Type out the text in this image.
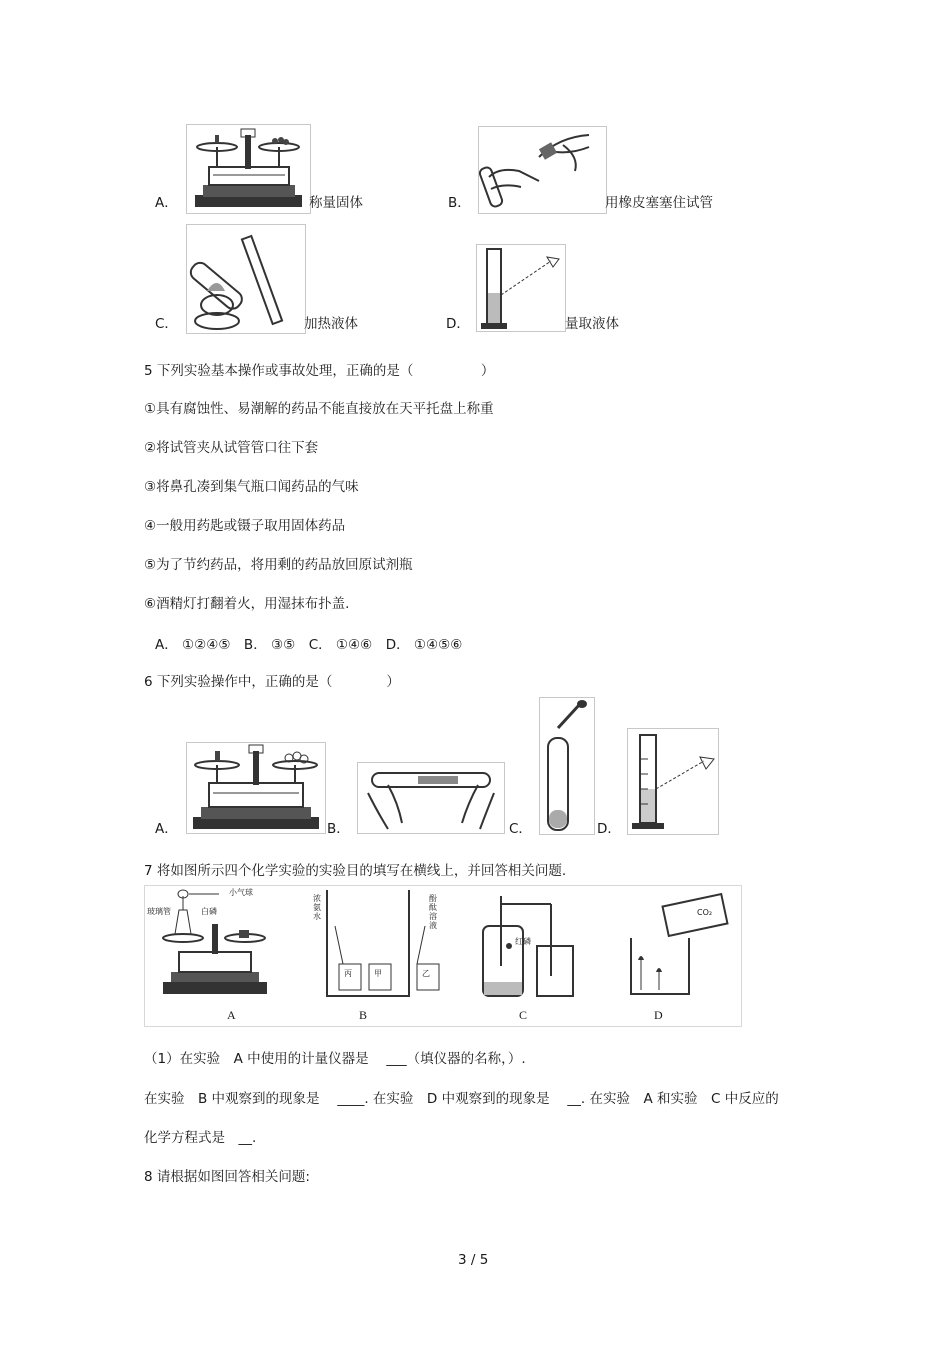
A．	称量固体	B．	用橡皮塞塞住试管
C．	加热液体	D．	量取液体
5 下列实验基本操作或事故处理，正确的是（　　　　　）
①具有腐蚀性、易潮解的药品不能直接放在天平托盘上称重
②将试管夹从试管管口往下套
③将鼻孔凑到集气瓶口闻药品的气味
④一般用药匙或镊子取用固体药品
⑤为了节约药品，将用剩的药品放回原试剂瓶
⑥酒精灯打翻着火，用湿抹布扑盖.
A． ①②④⑤　B． ③⑤　C． ①④⑥　D． ①④⑤⑥
6 下列实验操作中，正确的是（　　　　）
A．	B．	C．	D．
7 将如图所示四个化学实验的实验目的填写在横线上，并回答相关问题.
小气球
玻璃管	白磷
浓氨水
酚酞溶液
丙	甲	乙
红磷
CO₂
A	B	C	D
（1）在实验　A 中使用的计量仪器是　 ___（填仪器的名称，）.
在实验　B 中观察到的现象是　 ____. 在实验　D 中观察到的现象是　 __. 在实验　A 和实验　C 中反应的
化学方程式是　__.
8 请根据如图回答相关问题:
3 / 5
